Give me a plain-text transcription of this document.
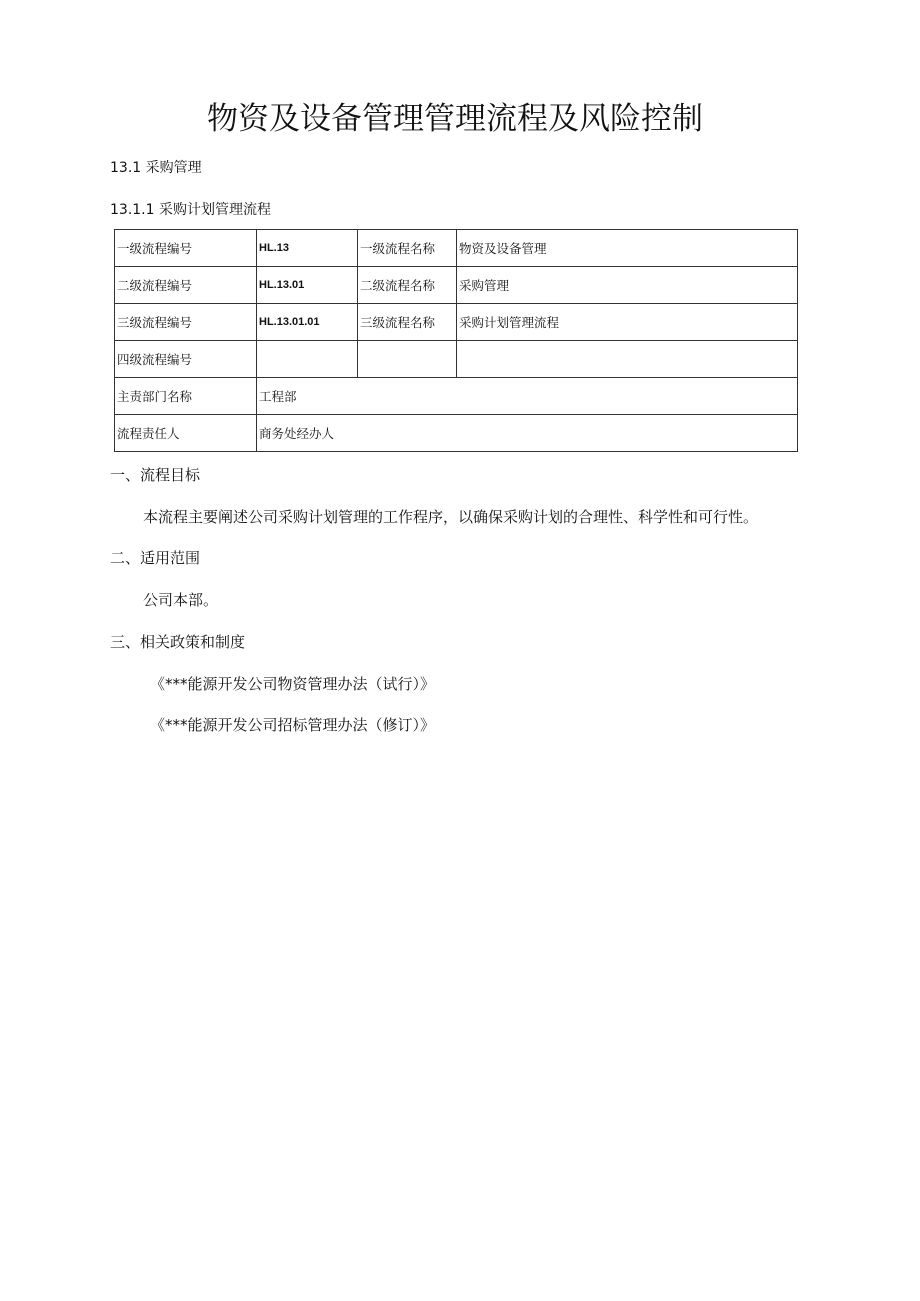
物资及设备管理管理流程及风险控制
13.1 采购管理
13.1.1 采购计划管理流程
一级流程编号	HL.13	一级流程名称	物资及设备管理
二级流程编号	HL.13.01	二级流程名称	采购管理
三级流程编号	HL.13.01.01	三级流程名称	采购计划管理流程
四级流程编号			
主责部门名称	工程部		
流程责任人	商务处经办人		
一、流程目标
本流程主要阐述公司采购计划管理的工作程序，以确保采购计划的合理性、科学性和可行性。
二、适用范围
公司本部。
三、相关政策和制度
《***能源开发公司物资管理办法（试行）》
《***能源开发公司招标管理办法（修订）》
